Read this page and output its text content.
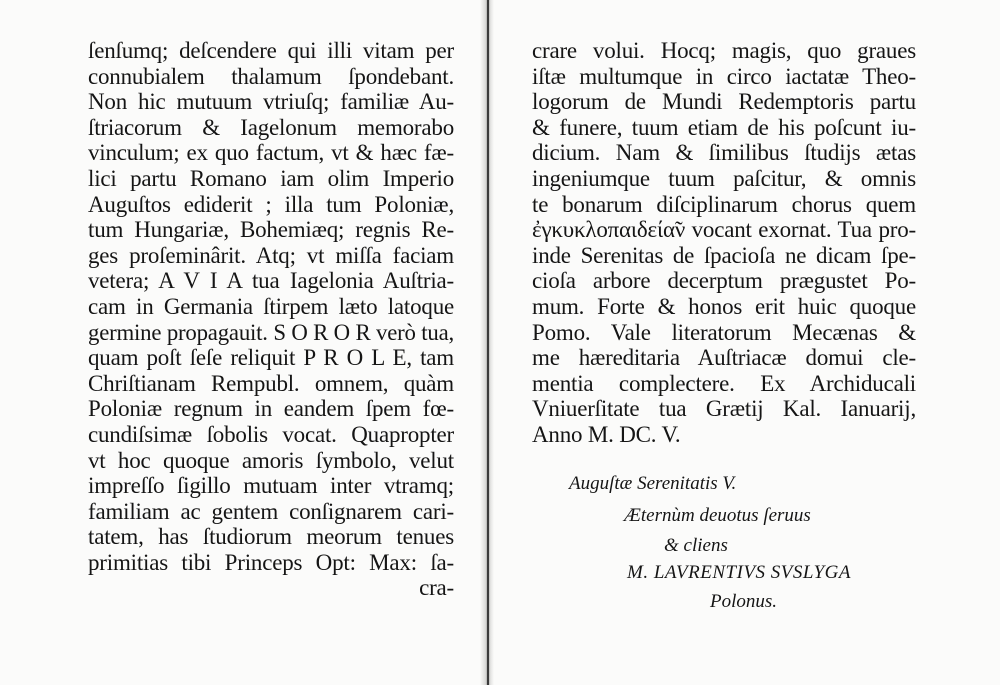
ſenſumq; deſcendere qui illi vitam per
connubialem thalamum ſpondebant.
Non hic mutuum vtriuſq; familiæ Au-
ſtriacorum & Iagelonum memorabo
vinculum; ex quo factum, vt & hæc fæ-
lici partu Romano iam olim Imperio
Auguſtos ediderit ; illa tum Poloniæ,
tum Hungariæ, Bohemiæq; regnis Re-
ges proſeminârit. Atq; vt miſſa faciam
vetera; A V I A tua Iagelonia Auſtria-
cam in Germania ſtirpem læto latoque
germine propagauit. S O R O R verò tua,
quam poſt ſeſe reliquit P R O L E, tam
Chriſtianam Rempubl. omnem, quàm
Poloniæ regnum in eandem ſpem fœ-
cundiſsimæ ſobolis vocat. Quapropter
vt hoc quoque amoris ſymbolo, velut
impreſſo ſigillo mutuam inter vtramq;
familiam ac gentem conſignarem cari-
tatem, has ſtudiorum meorum tenues
primitias tibi Princeps Opt: Max: ſa-
cra-
crare volui. Hocq; magis, quo graues
iſtæ multumque in circo iactatæ Theo-
logorum de Mundi Redemptoris partu
& funere, tuum etiam de his poſcunt iu-
dicium. Nam & ſimilibus ſtudijs ætas
ingeniumque tuum paſcitur, & omnis
te bonarum diſciplinarum chorus quem
ἐγκυκλοπαιδεία̃ν vocant exornat. Tua pro-
inde Serenitas de ſpacioſa ne dicam ſpe-
cioſa arbore decerptum prægustet Po-
mum. Forte & honos erit huic quoque
Pomo. Vale literatorum Mecænas &
me hæreditaria Auſtriacæ domui cle-
mentia complectere. Ex Archiducali
Vniuerſitate tua Grætij Kal. Ianuarij,
Anno M. DC. V.
Auguſtæ Serenitatis V.
Æternùm deuotus ſeruus
& cliens
M. LAVRENTIVS SVSLYGA
Polonus.
